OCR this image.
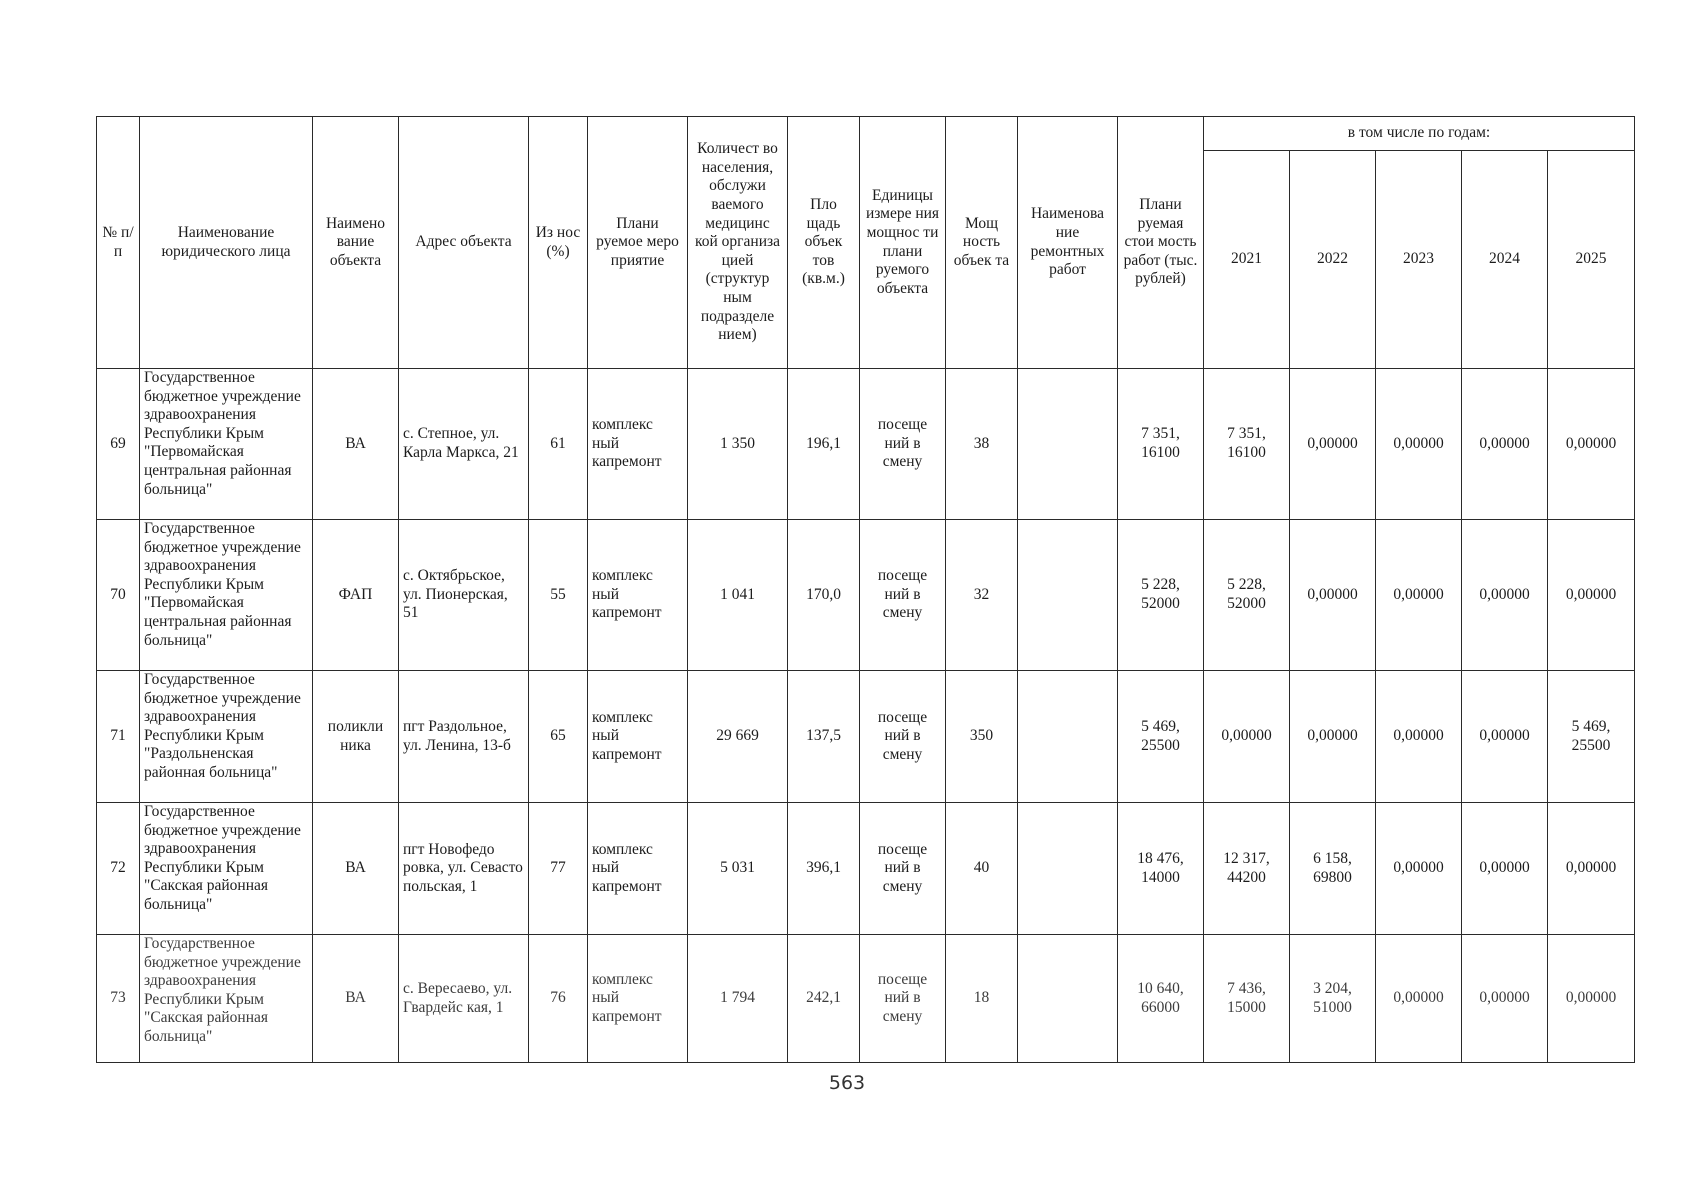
№ п/п	Наименование юридического лица	Наимено вание объекта	Адрес объекта	Из нос (%)	Плани руемое меро приятие	Количест во населения, обслужи ваемого медицинс кой организа цией (структур ным подразделе нием)	Пло щадь объек тов (кв.м.)	Единицы измере ния мощнос ти плани руемого объекта	Мощ ность объек та	Наименова ние ремонтных работ	Плани руемая стои мость работ (тыс. рублей)	в том числе по годам:				
												2021	2022	2023	2024	2025
69	Государственное бюджетное учреждение здравоохранения Республики Крым "Первомайская центральная районная больница"	ВА	с. Степное, ул. Карла Маркса, 21	61	комплекс ный капремонт	1 350	196,1	посеще ний в смену	38		7 351, 16100	7 351, 16100	0,00000	0,00000	0,00000	0,00000
70	Государственное бюджетное учреждение здравоохранения Республики Крым "Первомайская центральная районная больница"	ФАП	с. Октябрьское, ул. Пионерская, 51	55	комплекс ный капремонт	1 041	170,0	посеще ний в смену	32		5 228, 52000	5 228, 52000	0,00000	0,00000	0,00000	0,00000
71	Государственное бюджетное учреждение здравоохранения Республики Крым "Раздольненская районная больница"	поликли ника	пгт Раздольное, ул. Ленина, 13-б	65	комплекс ный капремонт	29 669	137,5	посеще ний в смену	350		5 469, 25500	0,00000	0,00000	0,00000	0,00000	5 469, 25500
72	Государственное бюджетное учреждение здравоохранения Республики Крым "Сакская районная больница"	ВА	пгт Новофедо ровка, ул. Севасто польская, 1	77	комплекс ный капремонт	5 031	396,1	посеще ний в смену	40		18 476, 14000	12 317, 44200	6 158, 69800	0,00000	0,00000	0,00000
73	Государственное бюджетное учреждение здравоохранения Республики Крым "Сакская районная больница"	ВА	с. Вересаево, ул. Гвардейс кая, 1	76	комплекс ный капремонт	1 794	242,1	посеще ний в смену	18		10 640, 66000	7 436, 15000	3 204, 51000	0,00000	0,00000	0,00000
563
